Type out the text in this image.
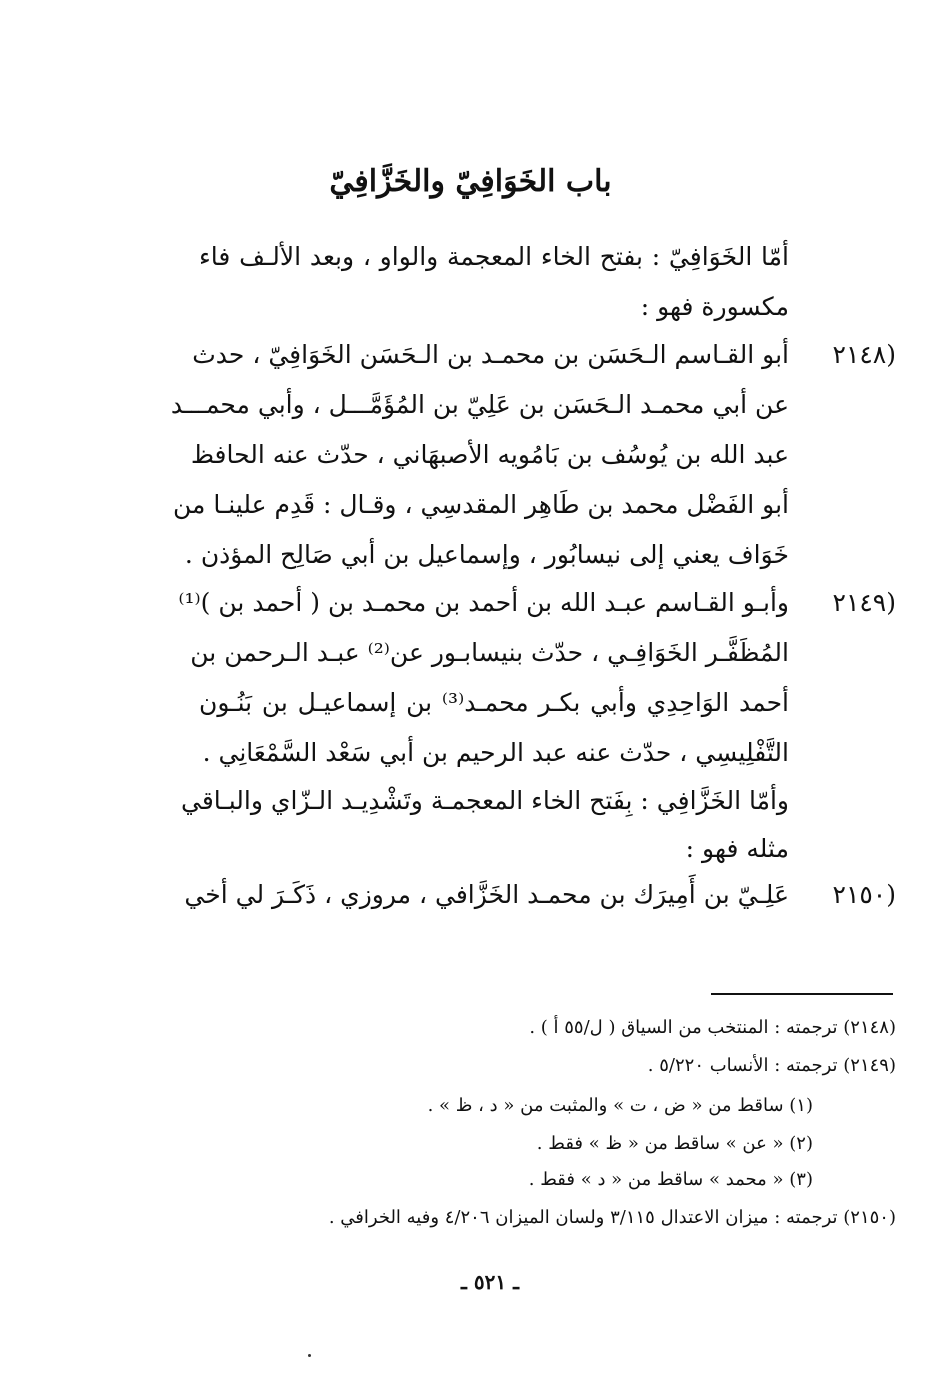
باب الخَوَافِيّ والخَزَّافِيّ
أمّا الخَوَافِيّ : بفتح الخاء المعجمة والواو ، وبعد الألـف فاء
مكسورة فهو :
(٢١٤٨
أبو القـاسم الـحَسَن بن محمـد بن الـحَسَن الخَوَافِيّ ، حدث
عن أبي محمـد الـحَسَن بن عَلِيّ بن المُؤَمَّـــل ، وأبي محمـــد
عبد الله بن يُوسُف بن بَامُويه الأصبهَاني ، حدّث عنه الحافظ
أبو الفَضْل محمد بن طَاهِر المقدسِي ، وقـال : قَدِم علينـا من
خَوَاف يعني إلى نيسابُور ، وإسماعيل بن أبي صَالِح المؤذن .
(٢١٤٩
وأبـو القـاسم عبـد الله بن أحمد بن محمـد بن ( أحمد بن )⁽¹⁾
المُظَفَّـر الخَوَافِـي ، حدّث بنيسابـور عن⁽²⁾ عبـد الـرحمن بن
أحمد الوَاحِدِي وأبي بكـر محمـد⁽³⁾ بن إسماعيـل بن بَنُـون
التَّفْلِيسِي ، حدّث عنه عبد الرحيم بن أبي سَعْد السَّمْعَانِي .
وأمّا الخَزَّافِي : بِفَتح الخاء المعجمـة وتَشْدِيـد الـزّاي والبـاقي
مثله فهو :
(٢١٥٠
عَلِـيّ بن أَمِيرَك بن محمـد الخَزَّافي ، مروزي ، ذَكَـرَ لي أخي
(٢١٤٨) ترجمته : المنتخب من السياق ( ل/٥٥ أ ) .
(٢١٤٩) ترجمته : الأنساب ٥/٢٢٠ .
(١) ساقط من « ض ، ت » والمثبت من « د ، ظ » .
(٢) « عن » ساقط من « ظ » فقط .
(٣) « محمد » ساقط من « د » فقط .
(٢١٥٠) ترجمته : ميزان الاعتدال ٣/١١٥ ولسان الميزان ٤/٢٠٦ وفيه الخرافي .
ـ ٥٢١ ـ
